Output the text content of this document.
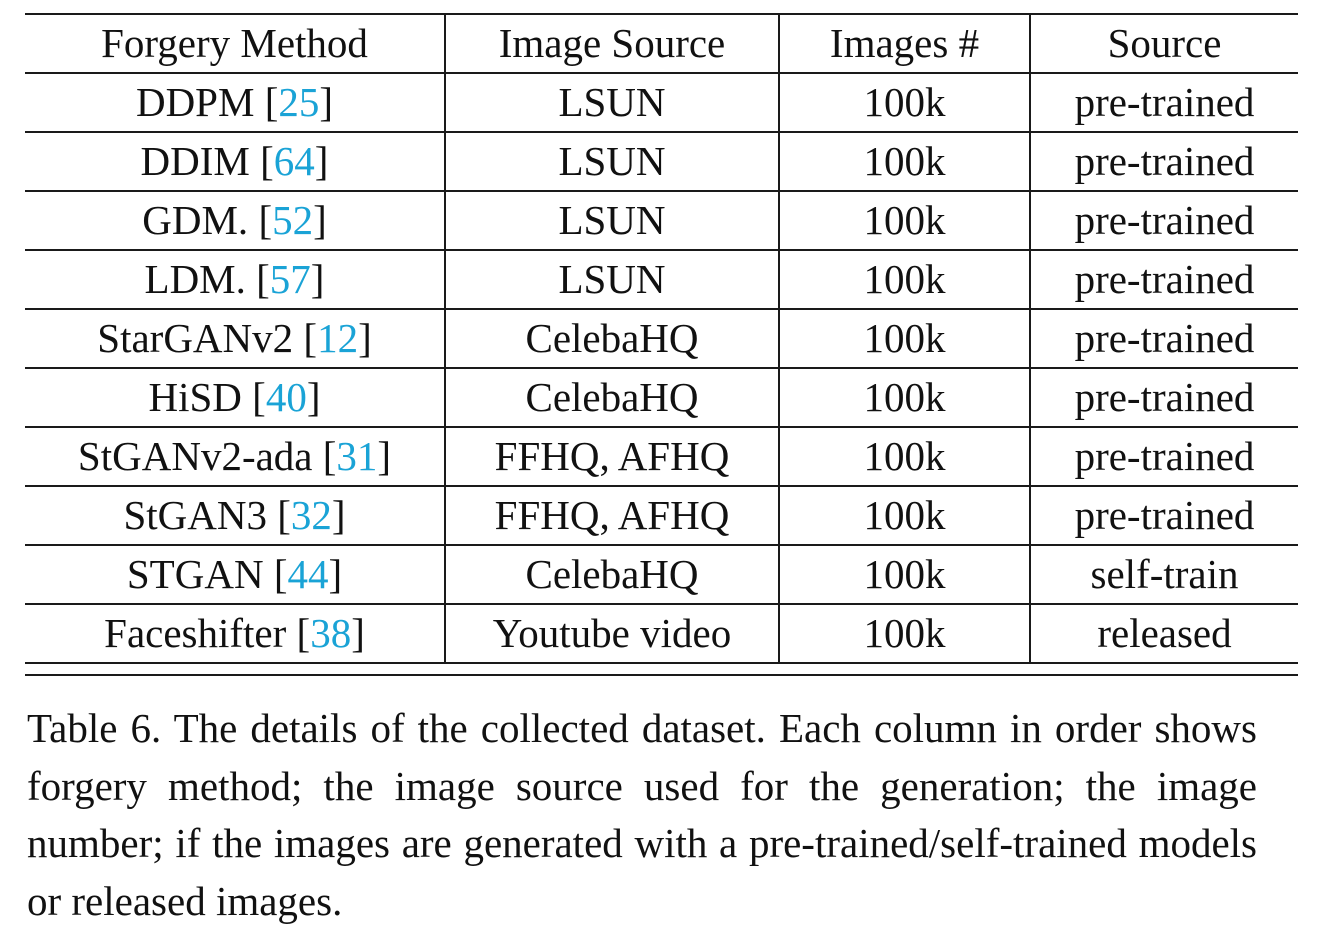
Forgery Method	Image Source	Images #	Source
DDPM [25]	LSUN	100k	pre-trained
DDIM [64]	LSUN	100k	pre-trained
GDM. [52]	LSUN	100k	pre-trained
LDM. [57]	LSUN	100k	pre-trained
StarGANv2 [12]	CelebaHQ	100k	pre-trained
HiSD [40]	CelebaHQ	100k	pre-trained
StGANv2-ada [31]	FFHQ, AFHQ	100k	pre-trained
StGAN3 [32]	FFHQ, AFHQ	100k	pre-trained
STGAN [44]	CelebaHQ	100k	self-train
Faceshifter [38]	Youtube video	100k	released

Table 6. The details of the collected dataset. Each column in order shows forgery method; the image source used for the generation; the image number; if the images are generated with a pre-trained/self-trained models or released images.
